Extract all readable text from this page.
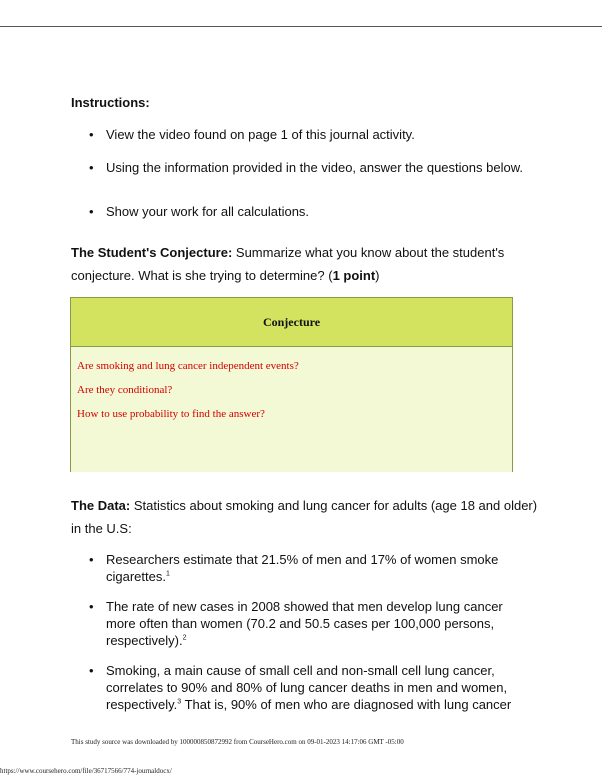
Instructions:
• View the video found on page 1 of this journal activity.
• Using the information provided in the video, answer the questions below.
• Show your work for all calculations.
The Student's Conjecture: Summarize what you know about the student's conjecture. What is she trying to determine? (1 point)
Conjecture
Are smoking and lung cancer independent events?
Are they conditional?
How to use probability to find the answer?
The Data: Statistics about smoking and lung cancer for adults (age 18 and older) in the U.S:
• Researchers estimate that 21.5% of men and 17% of women smoke cigarettes.$^1$
• The rate of new cases in 2008 showed that men develop lung cancer more often than women (70.2 and 50.5 cases per 100,000 persons, respectively).$^2$
• Smoking, a main cause of small cell and non-small cell lung cancer, correlates to 90% and 80% of lung cancer deaths in men and women, respectively.$^3$ That is, 90% of men who are diagnosed with lung cancer
This study source was downloaded by 100000850872992 from CourseHero.com on 09-01-2023 14:17:06 GMT -05:00
https://www.coursehero.com/file/36717566/774-journaldocx/
